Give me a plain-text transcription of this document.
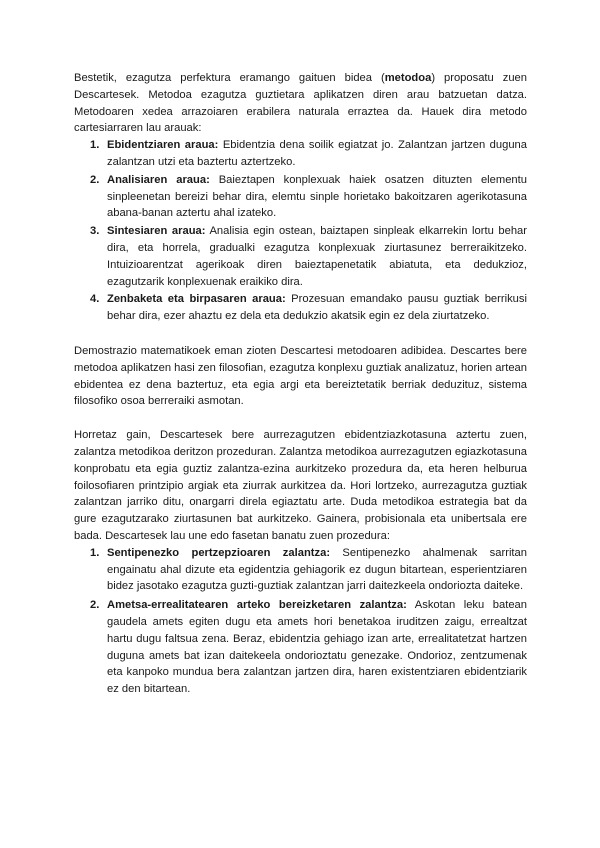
Bestetik, ezagutza perfektura eramango gaituen bidea (metodoa) proposatu zuen Descartesek. Metodoa ezagutza guztietara aplikatzen diren arau batzuetan datza. Metodoaren xedea arrazoiaren erabilera naturala erraztea da. Hauek dira metodo cartesiarraren lau arauak:

1. Ebidentziaren araua: Ebidentzia dena soilik egiatzat jo. Zalantzan jartzen duguna zalantzan utzi eta baztertu aztertzeko.
2. Analisiaren araua: Baieztapen konplexuak haiek osatzen dituzten elementu sinpleenetan bereizi behar dira, elemtu sinple horietako bakoitzaren agerikotasuna abana-banan aztertu ahal izateko.
3. Sintesiaren araua: Analisia egin ostean, baiztapen sinpleak elkarrekin lortu behar dira, eta horrela, gradualki ezagutza konplexuak ziurtasunez berreraikitzeko. Intuizioarentzat agerikoak diren baieztapenetatik abiatuta, eta dedukzioz, ezagutzarik konplexuenak eraikiko dira.
4. Zenbaketa eta birpasaren araua: Prozesuan emandako pausu guztiak berrikusi behar dira, ezer ahaztu ez dela eta dedukzio akatsik egin ez dela ziurtatzeko.

Demostrazio matematikoek eman zioten Descartesi metodoaren adibidea. Descartes bere metodoa aplikatzen hasi zen filosofian, ezagutza konplexu guztiak analizatuz, horien artean ebidentea ez dena baztertuz, eta egia argi eta bereiztetatik berriak deduzituz, sistema filosofiko osoa berreraiki asmotan.

Horretaz gain, Descartesek bere aurrezagutzen ebidentziazkotasuna aztertu zuen, zalantza metodikoa deritzon prozeduran. Zalantza metodikoa aurrezagutzen egiazkotasuna konprobatu eta egia guztiz zalantza-ezina aurkitzeko prozedura da, eta heren helburua foilosofiaren printzipio argiak eta ziurrak aurkitzea da. Hori lortzeko, aurrezagutza guztiak zalantzan jarriko ditu, onargarri direla egiaztatu arte. Duda metodikoa estrategia bat da gure ezagutzarako ziurtasunen bat aurkitzeko. Gainera, probisionala eta unibertsala ere bada. Descartesek lau une edo fasetan banatu zuen prozedura:

1. Sentipenezko pertzepzioaren zalantza: Sentipenezko ahalmenak sarritan engainatu ahal dizute eta egidentzia gehiagorik ez dugun bitartean, esperientziaren bidez jasotako ezagutza guzti-guztiak zalantzan jarri daitezkeela ondoriozta daiteke.
2. Ametsa-errealitatearen arteko bereizketaren zalantza: Askotan leku batean gaudela amets egiten dugu eta amets hori benetakoa iruditzen zaigu, errealtzat hartu dugu faltsua zena. Beraz, ebidentzia gehiago izan arte, errealitatetzat hartzen duguna amets bat izan daitekeela ondorioztatu genezake. Ondorioz, zentzumenak eta kanpoko mundua bera zalantzan jartzen dira, haren existentziaren ebidentziarik ez den bitartean.
